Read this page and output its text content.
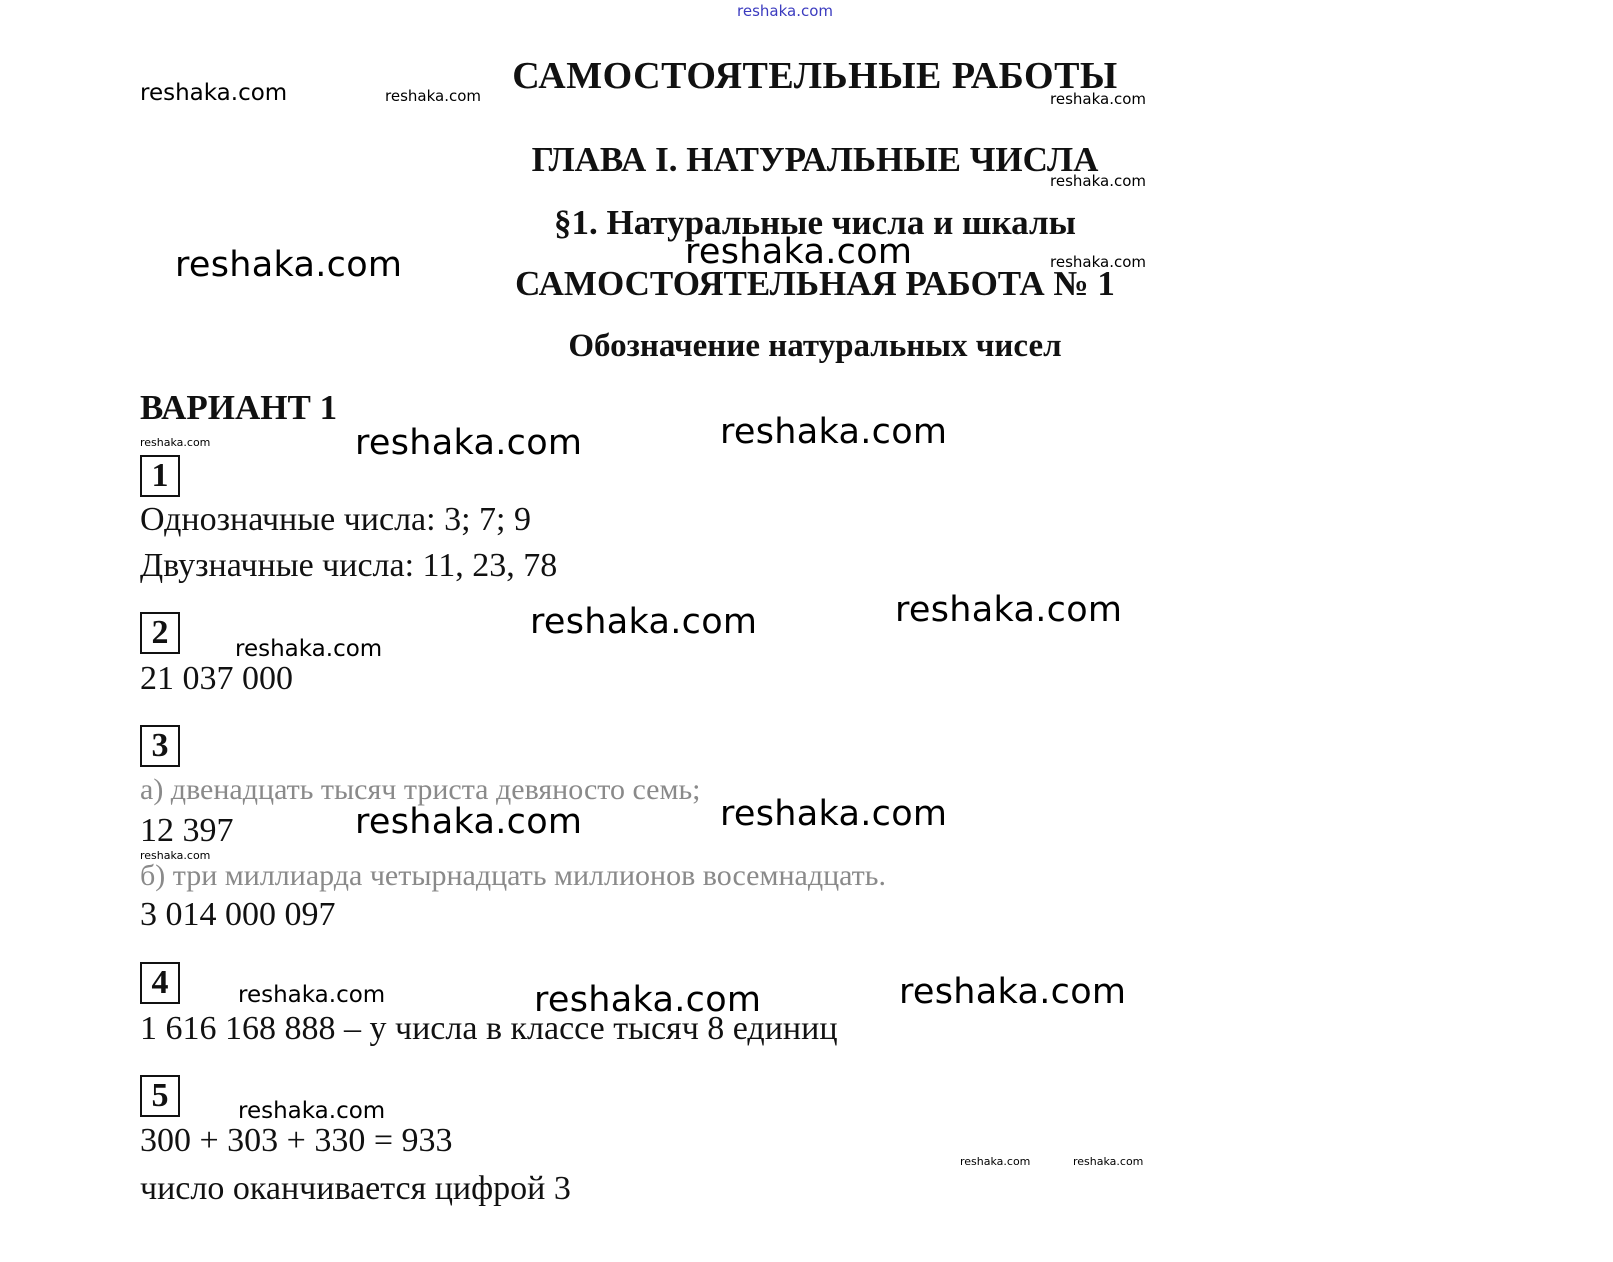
reshaka.com
reshaka.com	reshaka.com	reshaka.com
reshaka.com
reshaka.com	reshaka.com	reshaka.com
reshaka.com	reshaka.com	reshaka.com
reshaka.com	reshaka.com
reshaka.com
reshaka.com	reshaka.com
reshaka.com
reshaka.com	reshaka.com	reshaka.com
reshaka.com
reshaka.com	reshaka.com
САМОСТОЯТЕЛЬНЫЕ РАБОТЫ
ГЛАВА I. НАТУРАЛЬНЫЕ ЧИСЛА
§1. Натуральные числа и шкалы
САМОСТОЯТЕЛЬНАЯ РАБОТА № 1
Обозначение натуральных чисел
ВАРИАНТ 1
1
Однозначные числа: 3; 7; 9
Двузначные числа: 11, 23, 78
2
21 037 000
3
а) двенадцать тысяч триста девяносто семь;
12 397
б) три миллиарда четырнадцать миллионов восемнадцать.
3 014 000 097
4
1 616 168 888 – у числа в классе тысяч 8 единиц
5
300 + 303 + 330 = 933
число оканчивается цифрой 3
